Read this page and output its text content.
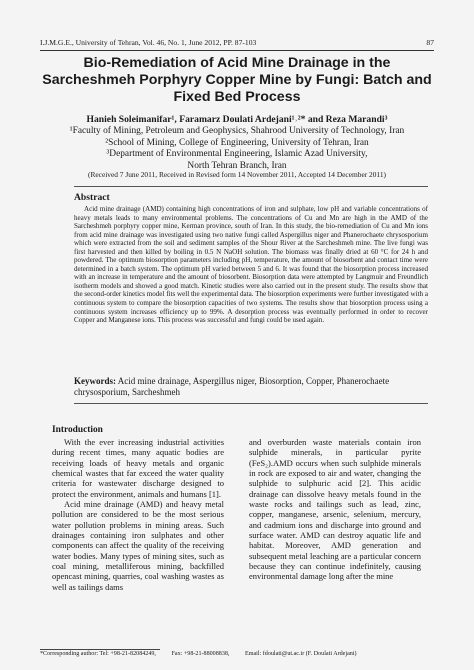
I.J.M.G.E., University of Tehran, Vol. 46, No. 1, June 2012, PP. 87-103	87
Bio-Remediation of Acid Mine Drainage in the
Sarcheshmeh Porphyry Copper Mine by Fungi: Batch and
Fixed Bed Process
Hanieh Soleimanifar¹, Faramarz Doulati Ardejani¹˒²* and Reza Marandi³
¹Faculty of Mining, Petroleum and Geophysics, Shahrood University of Technology, Iran
²School of Mining, College of Engineering, University of Tehran, Iran
³Department of Environmental Engineering, Islamic Azad University,
North Tehran Branch, Iran
(Received 7 June 2011, Received in Revised form 14 November 2011, Accepted 14 December 2011)
Abstract

Acid mine drainage (AMD) containing high concentrations of iron and sulphate, low pH and variable concentrations of heavy metals leads to many environmental problems. The concentrations of Cu and Mn are high in the AMD of the Sarcheshmeh porphyry copper mine, Kerman province, south of Iran. In this study, the bio-remediation of Cu and Mn ions from acid mine drainage was investigated using two native fungi called Aspergillus niger and Phanerochaete chrysosporium which were extracted from the soil and sediment samples of the Shour River at the Sarcheshmeh mine. The live fungi was first harvested and then killed by boiling in 0.5 N NaOH solution. The biomass was finally dried at 60 °C for 24 h and powdered. The optimum biosorption parameters including pH, temperature, the amount of biosorbent and contact time were determined in a batch system. The optimum pH varied between 5 and 6. It was found that the biosorption process increased with an increase in temperature and the amount of biosorbent. Biosorption data were attempted by Langmuir and Freundlich isotherm models and showed a good match. Kinetic studies were also carried out in the present study. The results show that the second-order kinetics model fits well the experimental data. The biosorption experiments were further investigated with a continuous system to compare the biosorption capacities of two systems. The results show that biosorption process using a continuous system increases efficiency up to 99%. A desorption process was eventually performed in order to recover Copper and Manganese ions. This process was successful and fungi could be used again.

Keywords: Acid mine drainage, Aspergillus niger, Biosorption, Copper, Phanerochaete chrysosporium, Sarcheshmeh
Introduction

With the ever increasing industrial activities during recent times, many aquatic bodies are receiving loads of heavy metals and organic chemical wastes that far exceed the water quality criteria for wastewater discharge designed to protect the environment, animals and humans [1].

Acid mine drainage (AMD) and heavy metal pollution are considered to be the most serious water pollution problems in mining areas. Such drainages containing iron sulphates and other components can affect the quality of the receiving water bodies. Many types of mining sites, such as coal mining, metalliferous mining, backfilled opencast mining, quarries, coal washing wastes as well as tailings dams

and overburden waste materials contain iron sulphide minerals, in particular pyrite (FeS₂).AMD occurs when such sulphide minerals in rock are exposed to air and water, changing the sulphide to sulphuric acid [2]. This acidic drainage can dissolve heavy metals found in the waste rocks and tailings such as lead, zinc, copper, manganese, arsenic, selenium, mercury, and cadmium ions and discharge into ground and surface water. AMD can destroy aquatic life and habitat. Moreover, AMD generation and subsequent metal leaching are a particular concern because they can continue indefinitely, causing environmental damage long after the mine

*Corresponding author: Tel: +98-21-82084249,	Fax: +98-21-88008838,	Email: fdoulati@ut.ac.ir (F. Doulati Ardejani)
